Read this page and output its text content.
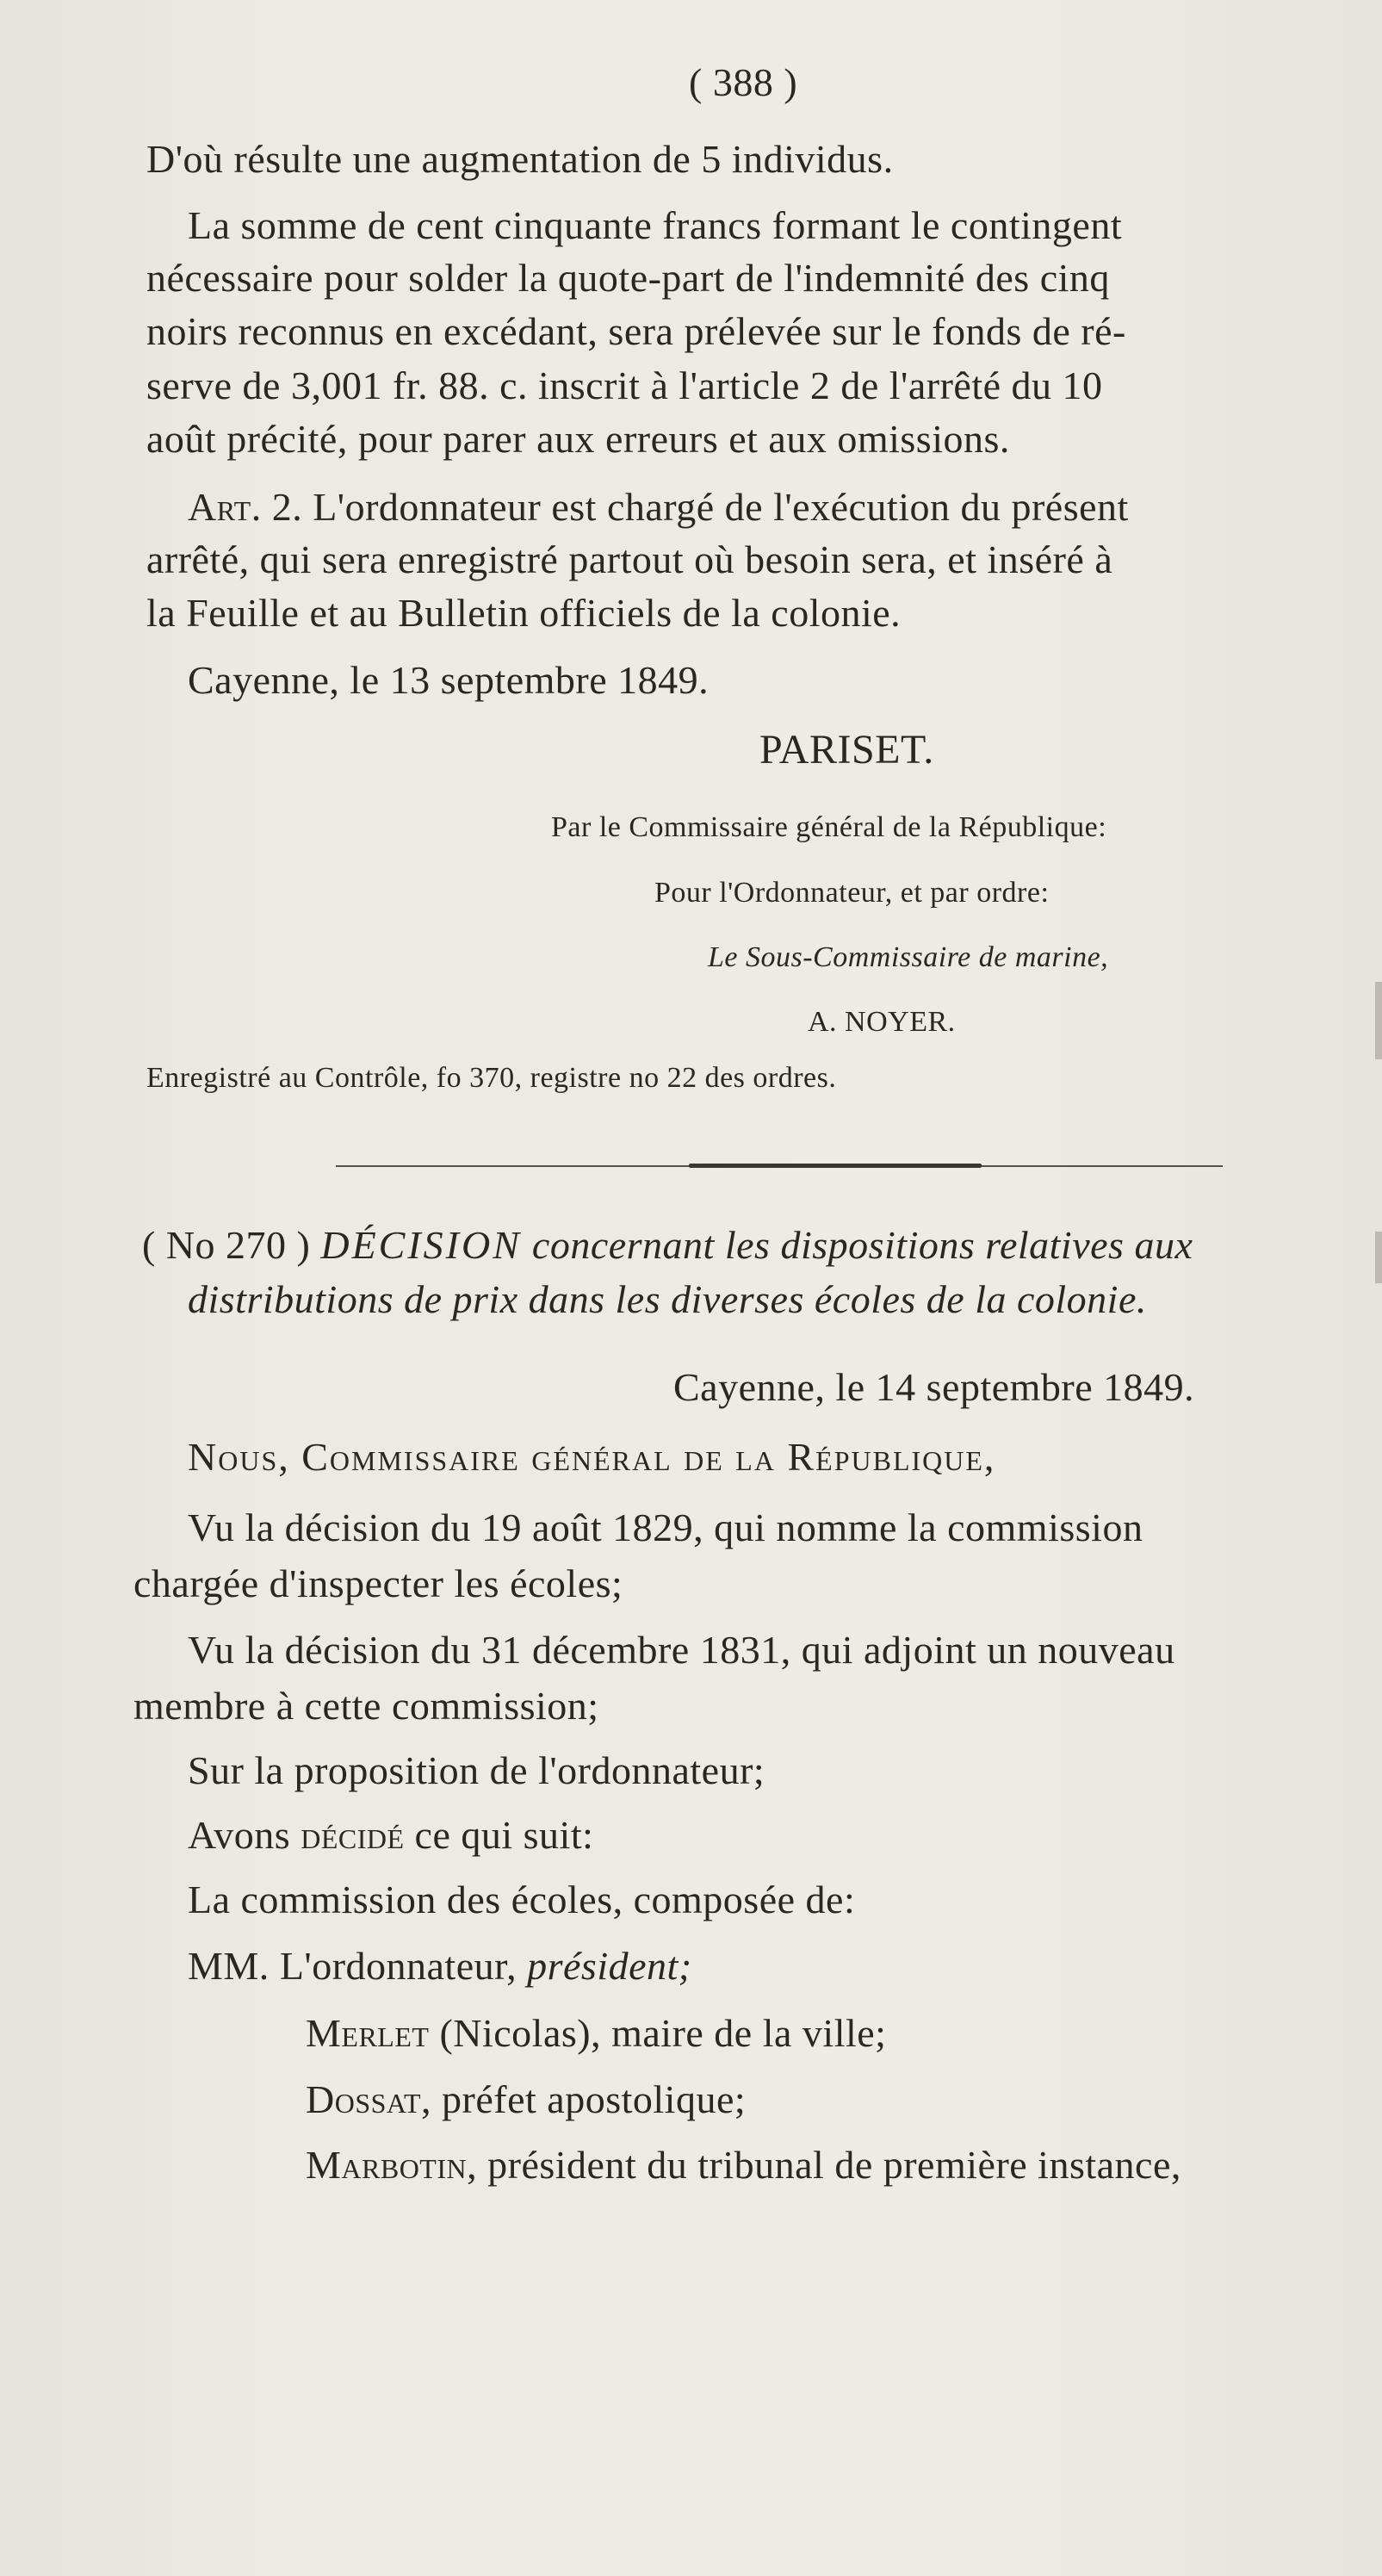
( 388 )
D'où résulte une augmentation de 5 individus.
La somme de cent cinquante francs formant le contingent
nécessaire pour solder la quote-part de l'indemnité des cinq
noirs reconnus en excédant, sera prélevée sur le fonds de ré-
serve de 3,001 fr. 88. c. inscrit à l'article 2 de l'arrêté du 10
août précité, pour parer aux erreurs et aux omissions.
Art. 2. L'ordonnateur est chargé de l'exécution du présent
arrêté, qui sera enregistré partout où besoin sera, et inséré à
la Feuille et au Bulletin officiels de la colonie.
Cayenne, le 13 septembre 1849.
PARISET.
Par le Commissaire général de la République:
Pour l'Ordonnateur, et par ordre:
Le Sous-Commissaire de marine,
A. NOYER.
Enregistré au Contrôle, fo 370, registre no 22 des ordres.
( No 270 ) DÉCISION concernant les dispositions relatives aux
distributions de prix dans les diverses écoles de la colonie.
Cayenne, le 14 septembre 1849.
Nous, Commissaire général de la République,
Vu la décision du 19 août 1829, qui nomme la commission
chargée d'inspecter les écoles;
Vu la décision du 31 décembre 1831, qui adjoint un nouveau
membre à cette commission;
Sur la proposition de l'ordonnateur;
Avons décidé ce qui suit:
La commission des écoles, composée de:
MM. L'ordonnateur, président;
Merlet (Nicolas), maire de la ville;
Dossat, préfet apostolique;
Marbotin, président du tribunal de première instance,
